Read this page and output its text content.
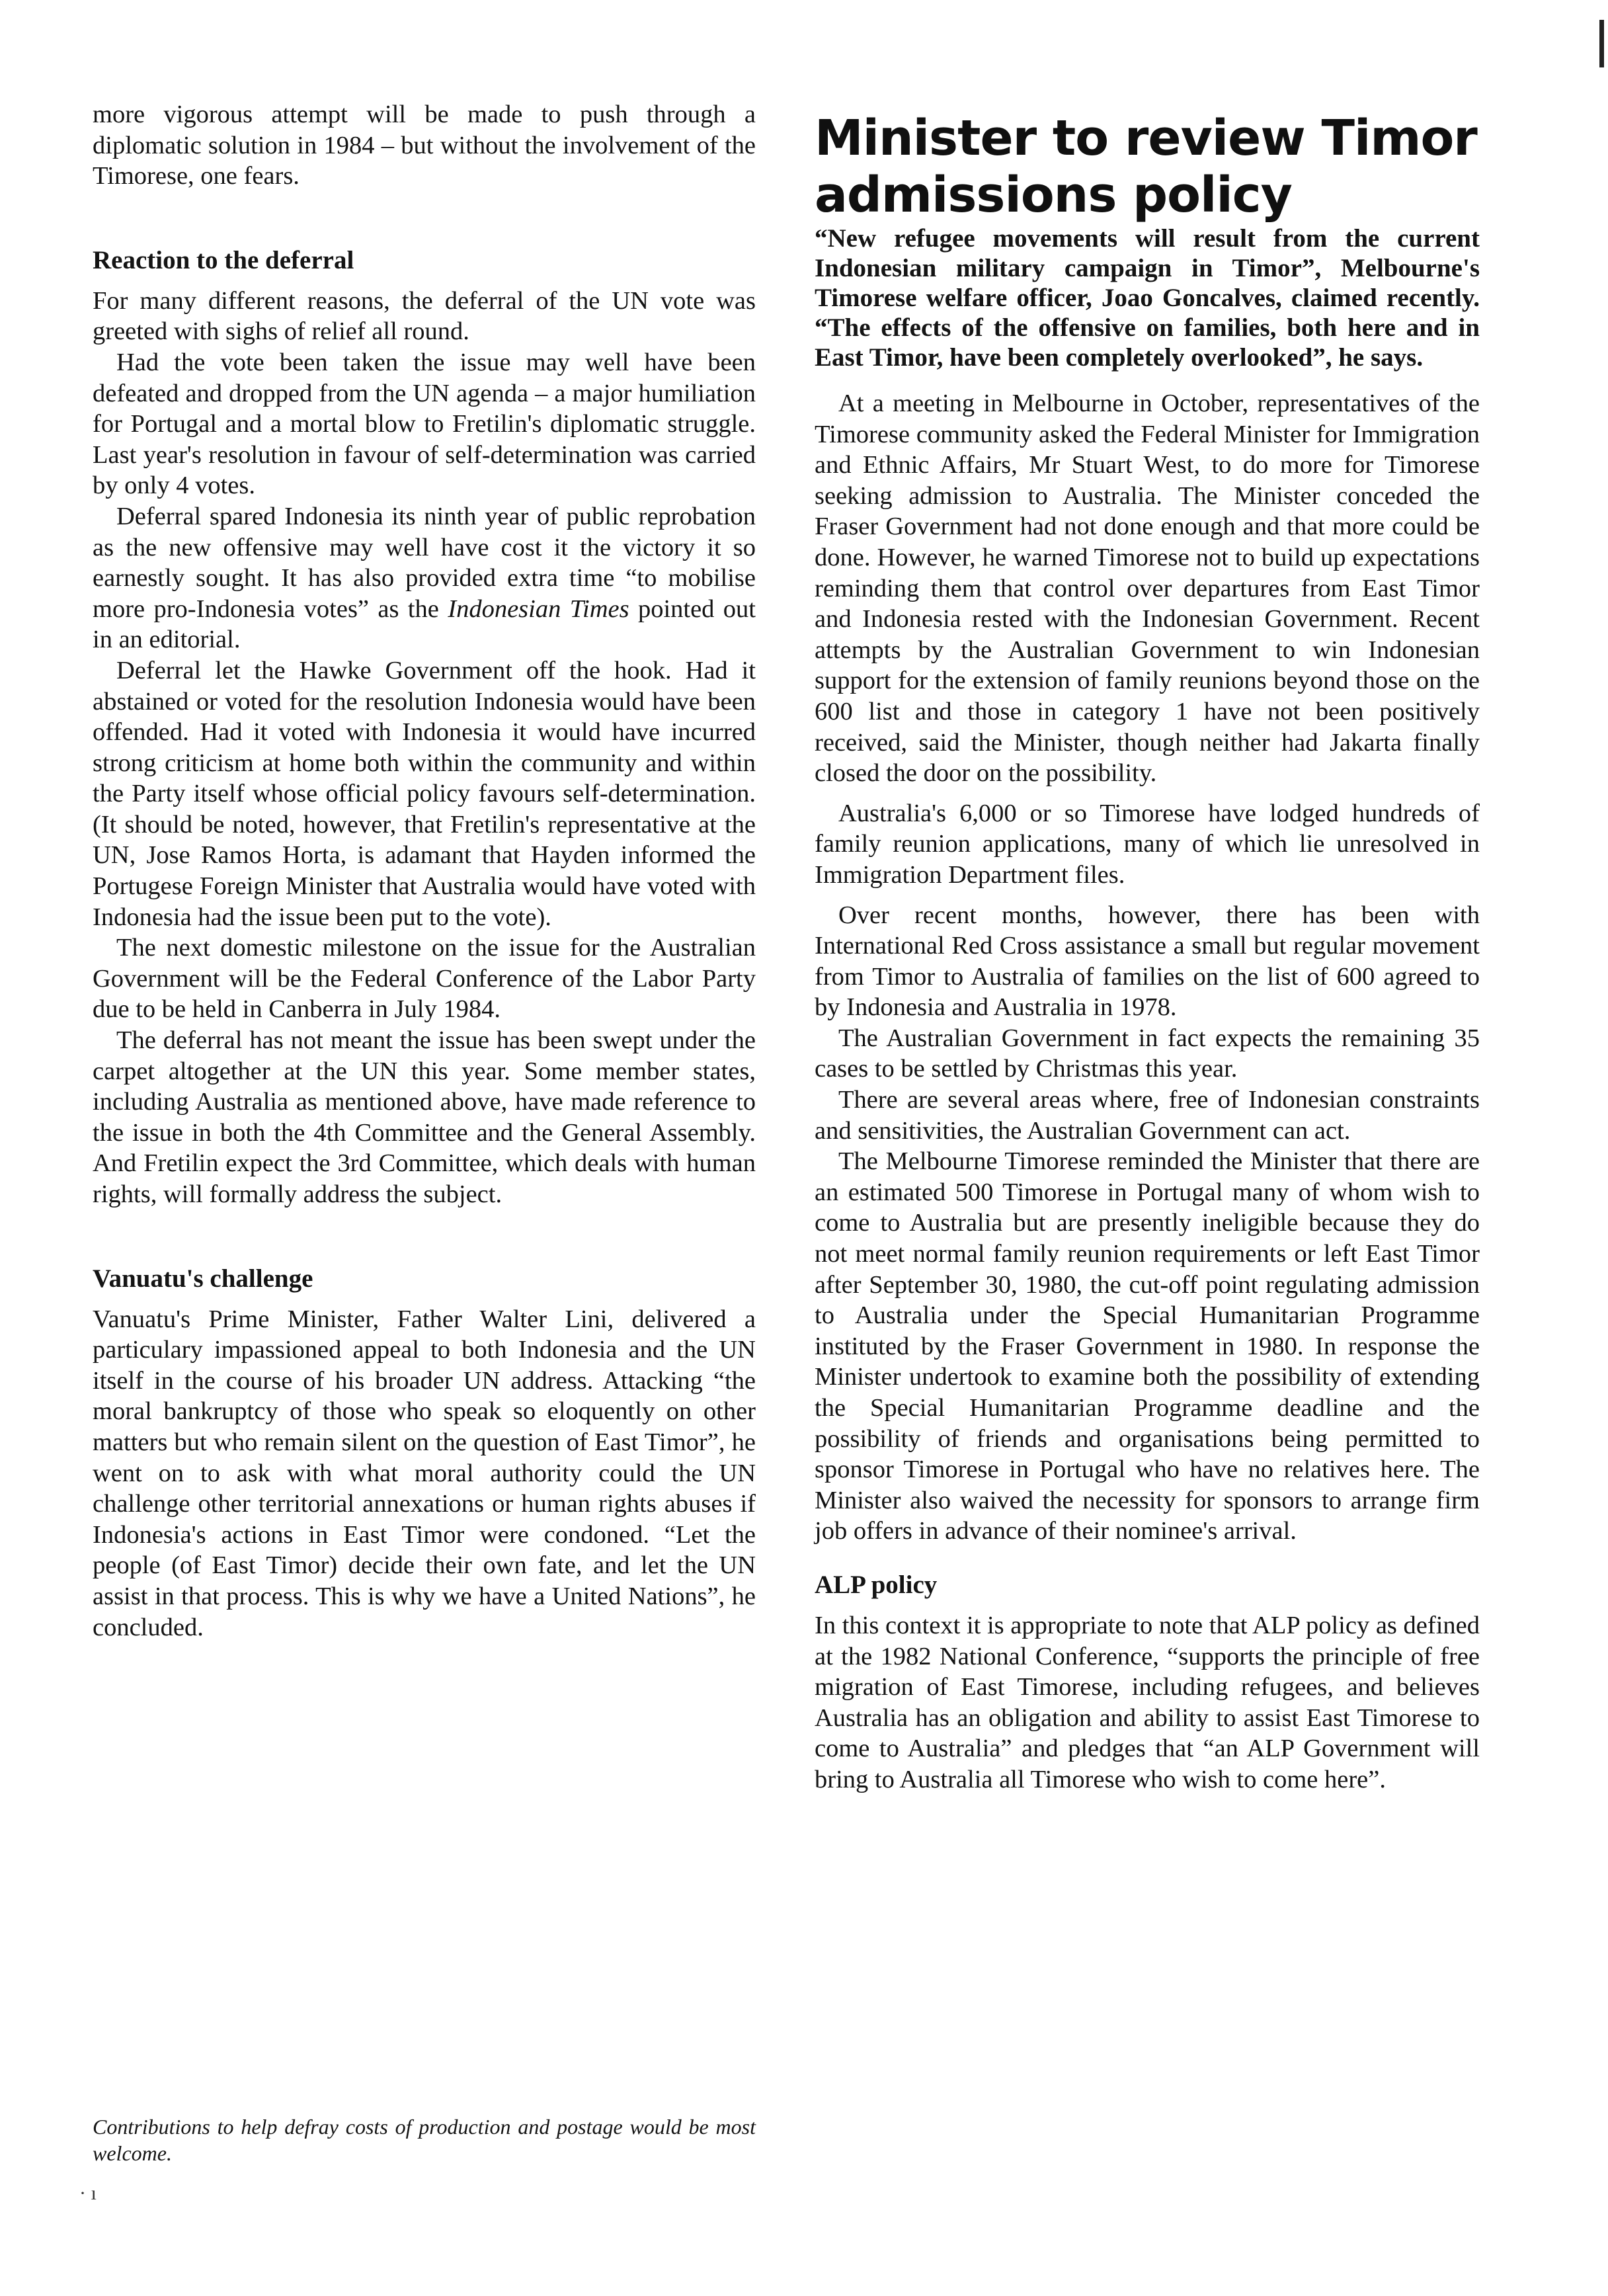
more vigorous attempt will be made to push through a diplomatic solution in 1984 – but without the involvement of the Timorese, one fears.

Reaction to the deferral

For many different reasons, the deferral of the UN vote was greeted with sighs of relief all round.

Had the vote been taken the issue may well have been defeated and dropped from the UN agenda – a major humiliation for Portugal and a mortal blow to Fretilin's diplomatic struggle. Last year's resolution in favour of self-determination was carried by only 4 votes.

Deferral spared Indonesia its ninth year of public reprobation as the new offensive may well have cost it the victory it so earnestly sought. It has also provided extra time “to mobilise more pro-Indonesia votes” as the Indonesian Times pointed out in an editorial.

Deferral let the Hawke Government off the hook. Had it abstained or voted for the resolution Indonesia would have been offended. Had it voted with Indonesia it would have incurred strong criticism at home both within the community and within the Party itself whose official policy favours self-determination. (It should be noted, however, that Fretilin's representative at the UN, Jose Ramos Horta, is adamant that Hayden informed the Portugese Foreign Minister that Australia would have voted with Indonesia had the issue been put to the vote).

The next domestic milestone on the issue for the Australian Government will be the Federal Conference of the Labor Party due to be held in Canberra in July 1984.

The deferral has not meant the issue has been swept under the carpet altogether at the UN this year. Some member states, including Australia as mentioned above, have made reference to the issue in both the 4th Committee and the General Assembly. And Fretilin expect the 3rd Committee, which deals with human rights, will formally address the subject.

Vanuatu's challenge

Vanuatu's Prime Minister, Father Walter Lini, delivered a particulary impassioned appeal to both Indonesia and the UN itself in the course of his broader UN address. Attacking “the moral bankruptcy of those who speak so eloquently on other matters but who remain silent on the question of East Timor”, he went on to ask with what moral authority could the UN challenge other territorial annexations or human rights abuses if Indonesia's actions in East Timor were condoned. “Let the people (of East Timor) decide their own fate, and let the UN assist in that process. This is why we have a United Nations”, he concluded.

Contributions to help defray costs of production and postage would be most welcome.
· ı
Minister to review Timor admissions policy

“New refugee movements will result from the current Indonesian military campaign in Timor”, Melbourne's Timorese welfare officer, Joao Goncalves, claimed recently. “The effects of the offensive on families, both here and in East Timor, have been completely overlooked”, he says.

At a meeting in Melbourne in October, representatives of the Timorese community asked the Federal Minister for Immigration and Ethnic Affairs, Mr Stuart West, to do more for Timorese seeking admission to Australia. The Minister conceded the Fraser Government had not done enough and that more could be done. However, he warned Timorese not to build up expectations reminding them that control over departures from East Timor and Indonesia rested with the Indonesian Government. Recent attempts by the Australian Government to win Indonesian support for the extension of family reunions beyond those on the 600 list and those in category 1 have not been positively received, said the Minister, though neither had Jakarta finally closed the door on the possibility.

Australia's 6,000 or so Timorese have lodged hundreds of family reunion applications, many of which lie unresolved in Immigration Department files.

Over recent months, however, there has been with International Red Cross assistance a small but regular movement from Timor to Australia of families on the list of 600 agreed to by Indonesia and Australia in 1978.

The Australian Government in fact expects the remaining 35 cases to be settled by Christmas this year.

There are several areas where, free of Indonesian constraints and sensitivities, the Australian Government can act.

The Melbourne Timorese reminded the Minister that there are an estimated 500 Timorese in Portugal many of whom wish to come to Australia but are presently ineligible because they do not meet normal family reunion requirements or left East Timor after September 30, 1980, the cut-off point regulating admission to Australia under the Special Humanitarian Programme instituted by the Fraser Government in 1980. In response the Minister undertook to examine both the possibility of extending the Special Humanitarian Programme deadline and the possibility of friends and organisations being permitted to sponsor Timorese in Portugal who have no relatives here. The Minister also waived the necessity for sponsors to arrange firm job offers in advance of their nominee's arrival.

ALP policy

In this context it is appropriate to note that ALP policy as defined at the 1982 National Conference, “supports the principle of free migration of East Timorese, including refugees, and believes Australia has an obligation and ability to assist East Timorese to come to Australia” and pledges that “an ALP Government will bring to Australia all Timorese who wish to come here”.
